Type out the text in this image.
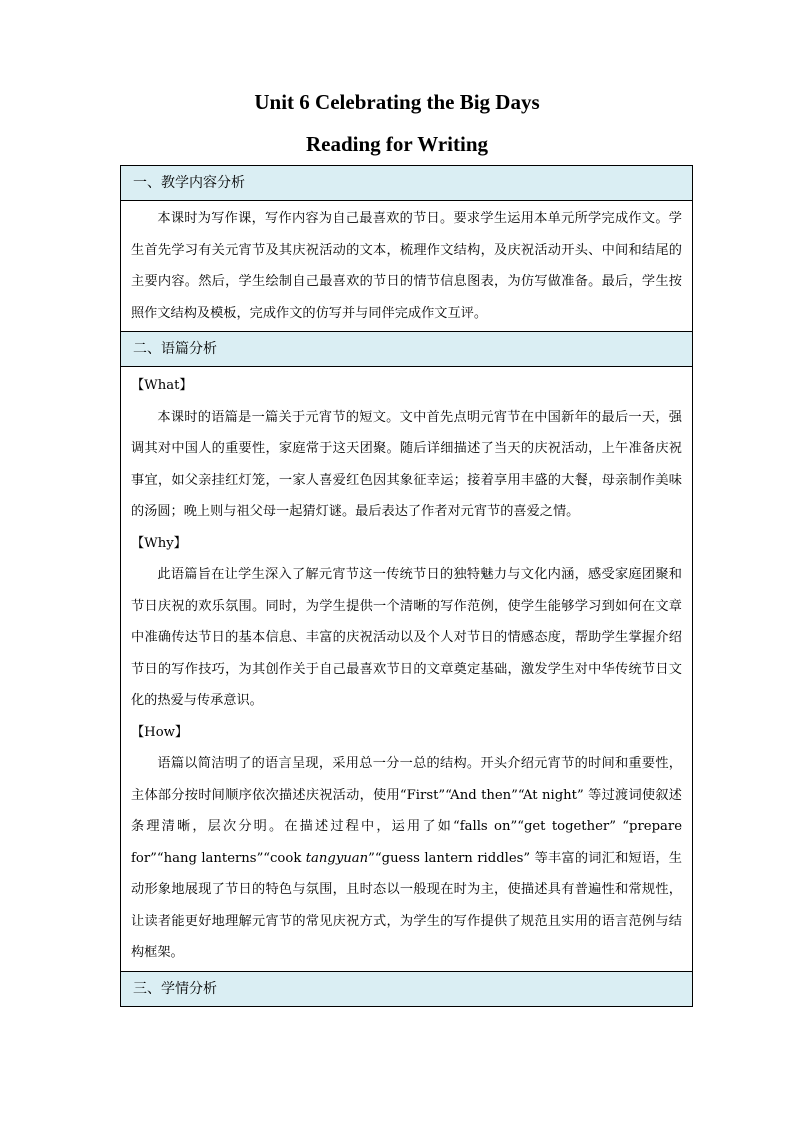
Unit 6 Celebrating the Big Days
Reading for Writing
一、教学内容分析

本课时为写作课，写作内容为自己最喜欢的节日。要求学生运用本单元所学完成作文。学生首先学习有关元宵节及其庆祝活动的文本，梳理作文结构，及庆祝活动开头、中间和结尾的主要内容。然后，学生绘制自己最喜欢的节日的情节信息图表，为仿写做准备。最后，学生按照作文结构及模板，完成作文的仿写并与同伴完成作文互评。

二、语篇分析

【What】

本课时的语篇是一篇关于元宵节的短文。文中首先点明元宵节在中国新年的最后一天，强调其对中国人的重要性，家庭常于这天团聚。随后详细描述了当天的庆祝活动，上午准备庆祝事宜，如父亲挂红灯笼，一家人喜爱红色因其象征幸运；接着享用丰盛的大餐，母亲制作美味的汤圆；晚上则与祖父母一起猜灯谜。最后表达了作者对元宵节的喜爱之情。

【Why】

此语篇旨在让学生深入了解元宵节这一传统节日的独特魅力与文化内涵，感受家庭团聚和节日庆祝的欢乐氛围。同时，为学生提供一个清晰的写作范例，使学生能够学习到如何在文章中准确传达节日的基本信息、丰富的庆祝活动以及个人对节日的情感态度，帮助学生掌握介绍节日的写作技巧，为其创作关于自己最喜欢节日的文章奠定基础，激发学生对中华传统节日文化的热爱与传承意识。

【How】

语篇以简洁明了的语言呈现，采用总一分一总的结构。开头介绍元宵节的时间和重要性，主体部分按时间顺序依次描述庆祝活动，使用“First”“And then”“At night” 等过渡词使叙述条理清晰，层次分明。在描述过程中，运用了如“falls on”“get together” “prepare for”“hang lanterns”“cook tangyuan”“guess lantern riddles” 等丰富的词汇和短语，生动形象地展现了节日的特色与氛围，且时态以一般现在时为主，使描述具有普遍性和常规性，让读者能更好地理解元宵节的常见庆祝方式，为学生的写作提供了规范且实用的语言范例与结构框架。

三、学情分析
